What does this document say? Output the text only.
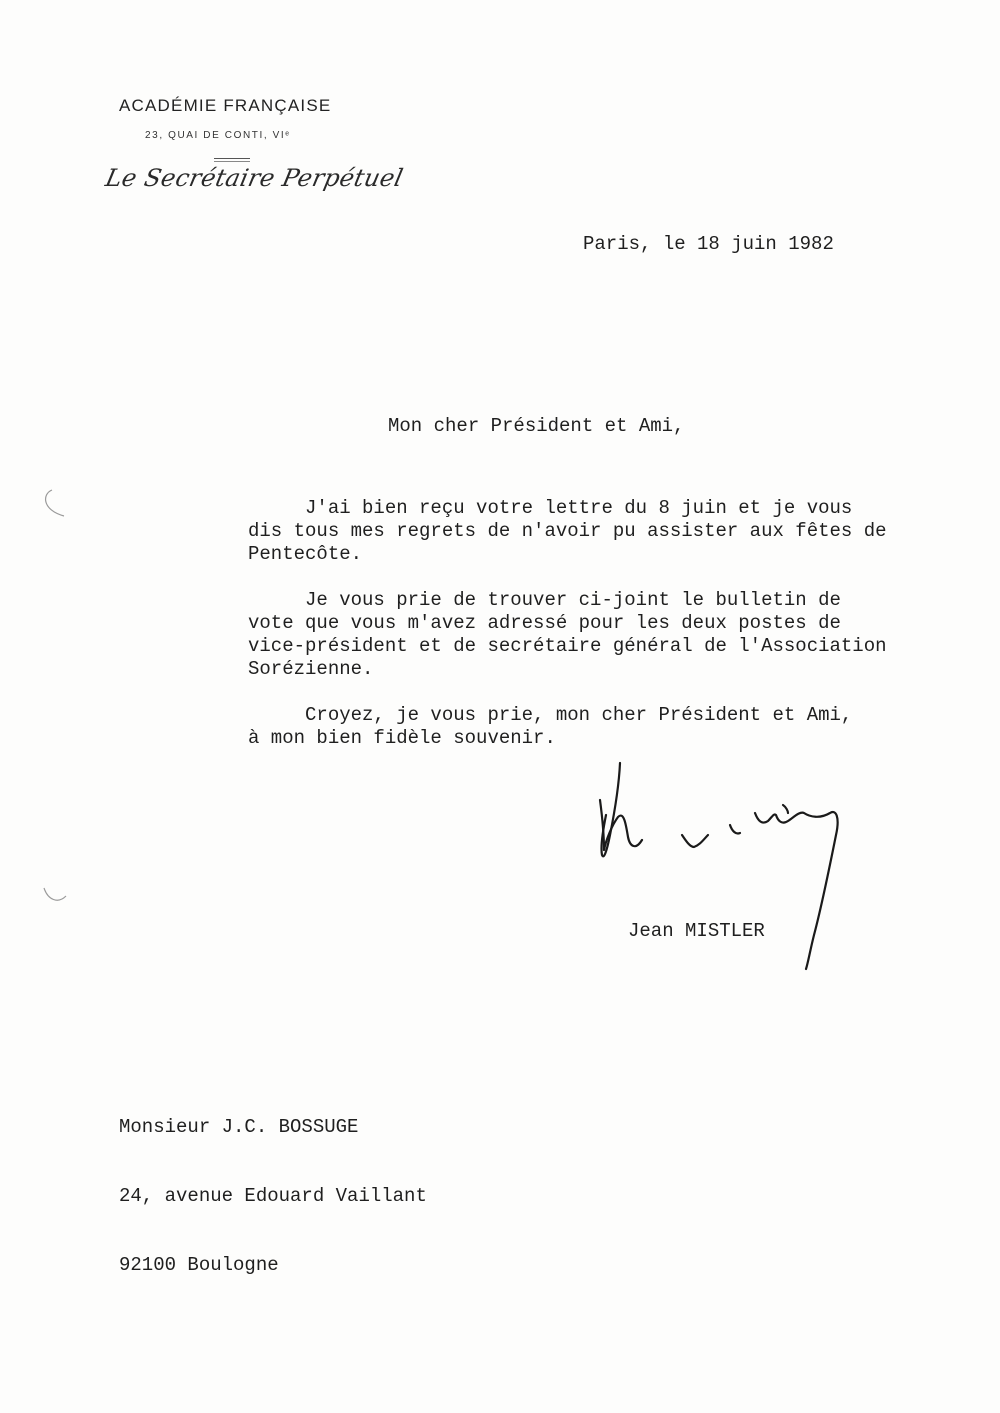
ACADÉMIE FRANÇAISE
23, QUAI DE CONTI, VIᵉ
Le Secrétaire Perpétuel
Paris, le 18 juin 1982
Mon cher Président et Ami,
J'ai bien reçu votre lettre du 8 juin et je vous
dis tous mes regrets de n'avoir pu assister aux fêtes de
Pentecôte.
Je vous prie de trouver ci-joint le bulletin de
vote que vous m'avez adressé pour les deux postes de
vice-président et de secrétaire général de l'Association
Sorézienne.
Croyez, je vous prie, mon cher Président et Ami,
à mon bien fidèle souvenir.
Jean MISTLER

Monsieur J.C. BOSSUGE

24, avenue Edouard Vaillant

92100 Boulogne
